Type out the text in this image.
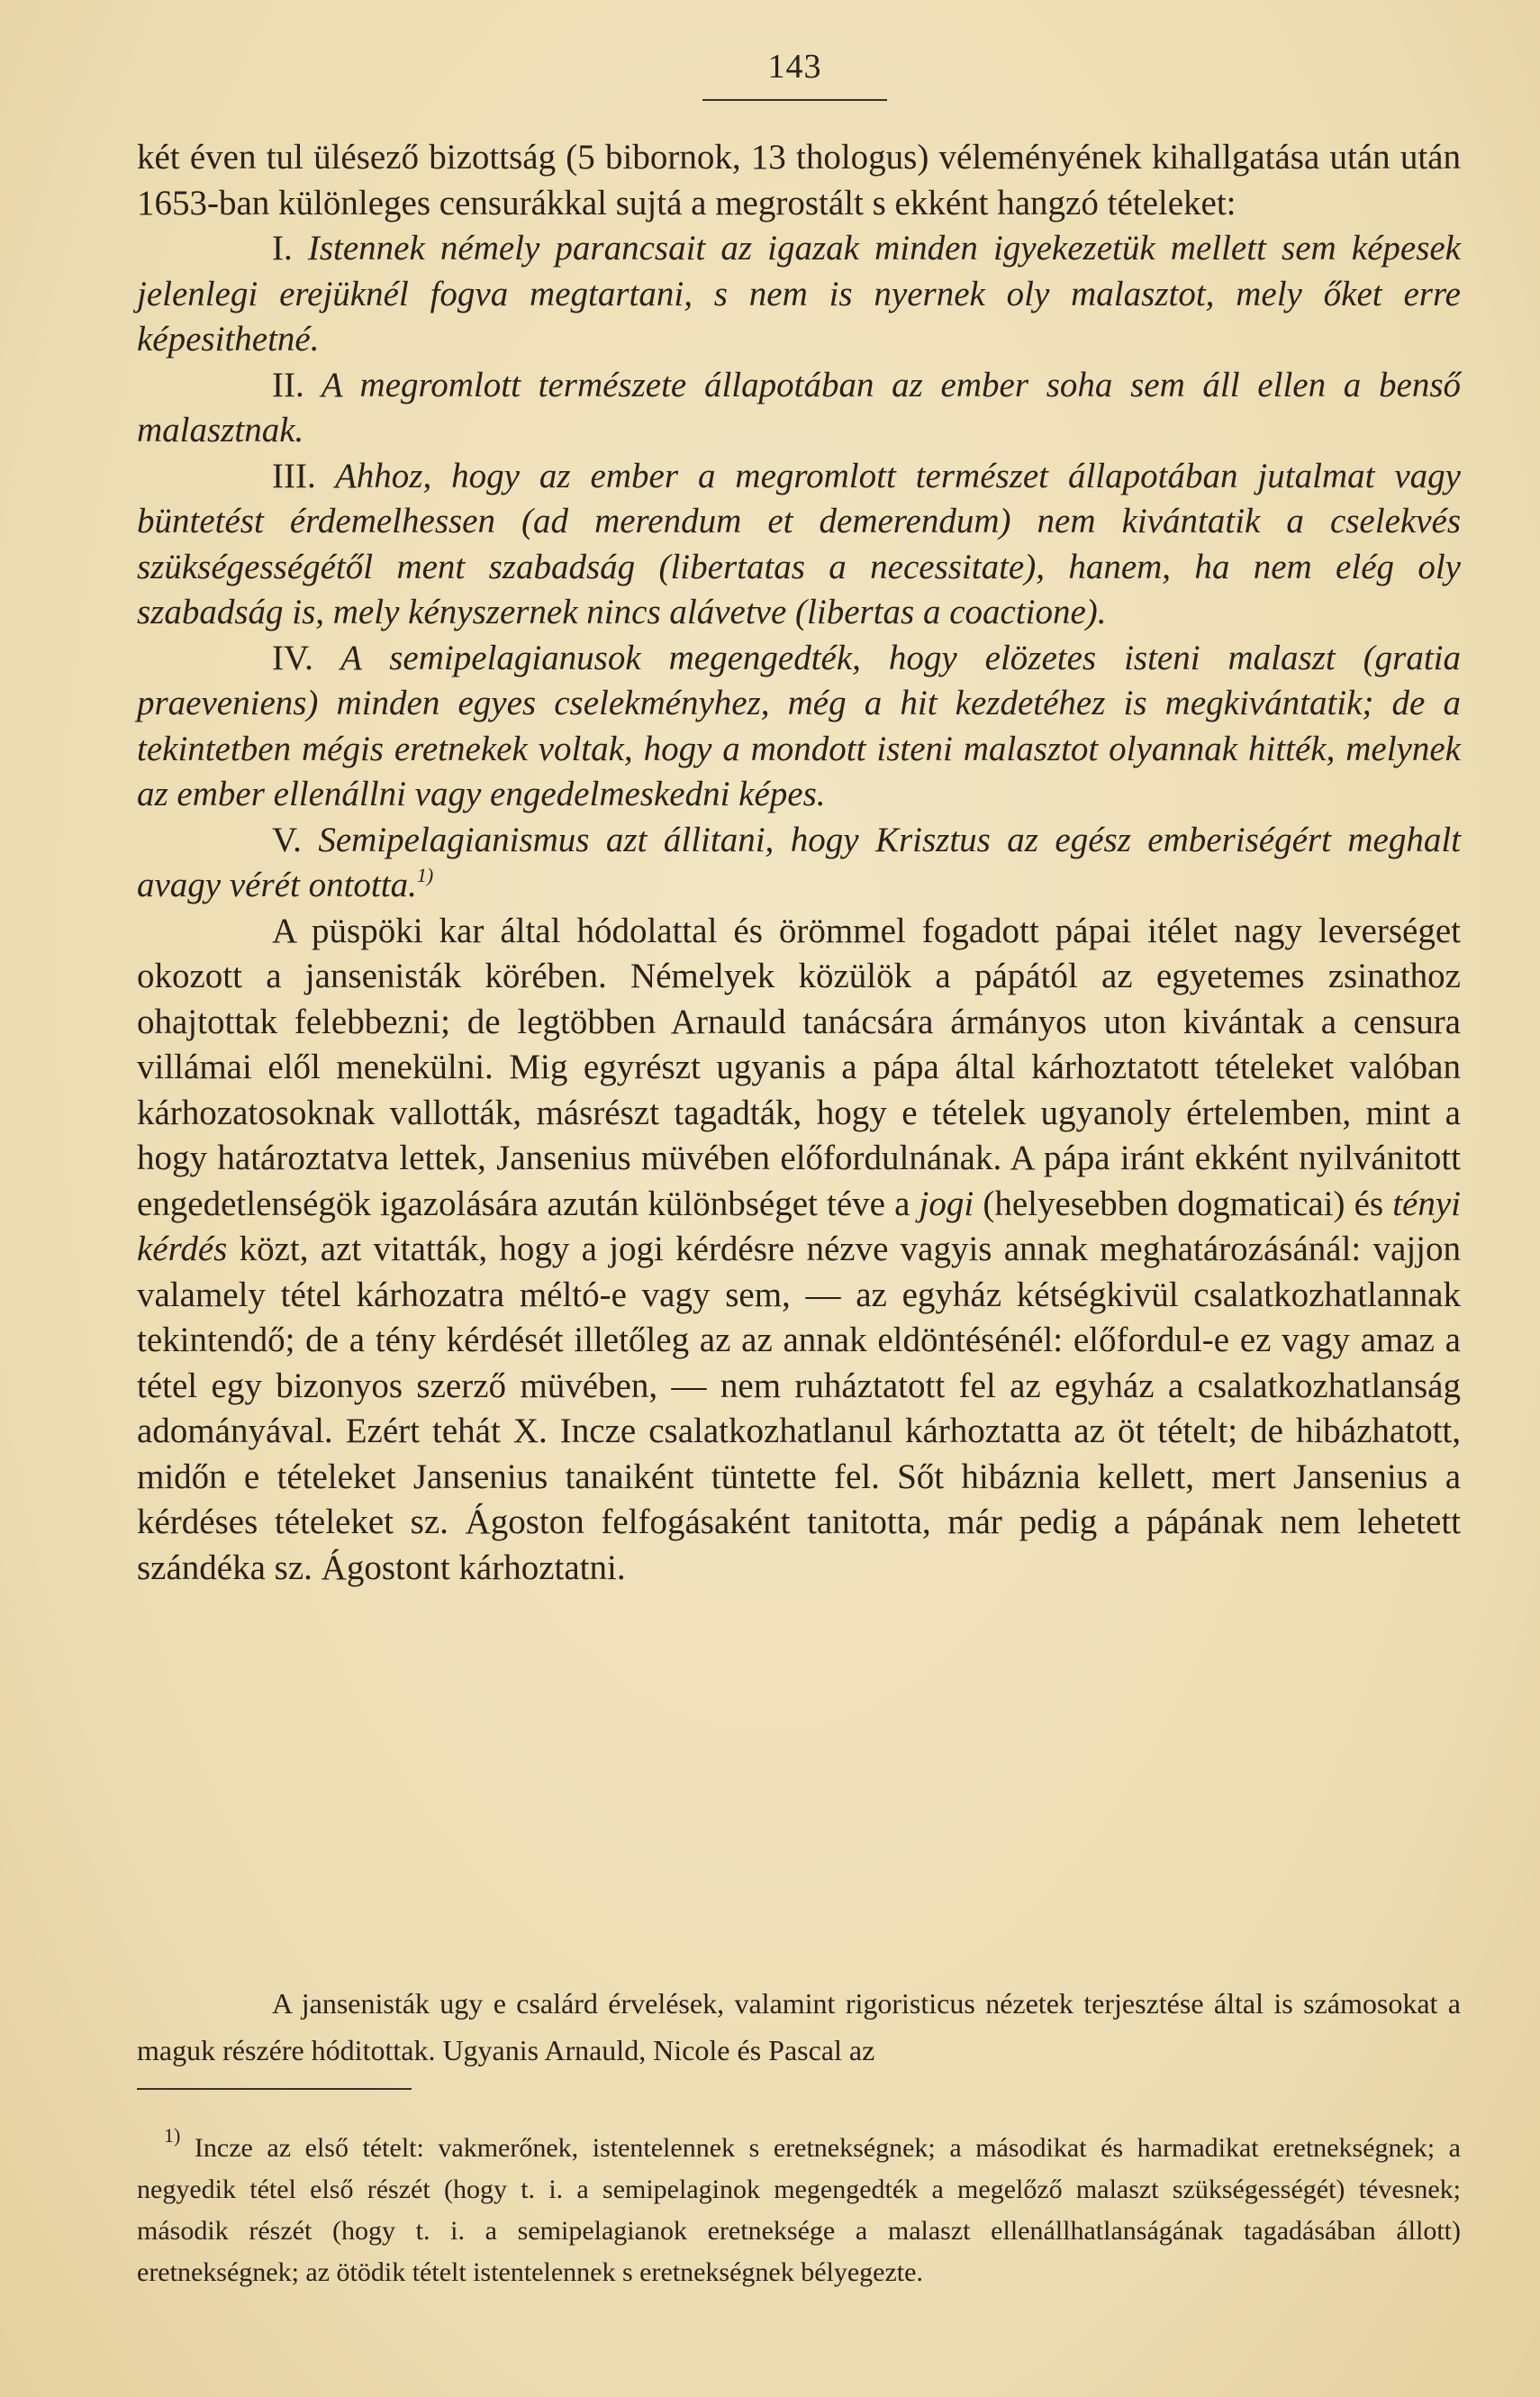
143

két éven tul ülésező bizottság (5 bibornok, 13 thologus) véleményének kihallgatása után után 1653-ban különleges censurákkal sujtá a megrostált s ekként hangzó tételeket:

I. Istennek némely parancsait az igazak minden igyekezetük mellett sem képesek jelenlegi erejüknél fogva megtartani, s nem is nyernek oly malasztot, mely őket erre képesithetné.

II. A megromlott természete állapotában az ember soha sem áll ellen a benső malasztnak.

III. Ahhoz, hogy az ember a megromlott természet állapotában jutalmat vagy büntetést érdemelhessen (ad merendum et demerendum) nem kivántatik a cselekvés szükségességétől ment szabadság (libertatas a necessitate), hanem, ha nem elég oly szabadság is, mely kényszernek nincs alávetve (libertas a coactione).

IV. A semipelagianusok megengedték, hogy elözetes isteni malaszt (gratia praeveniens) minden egyes cselekményhez, még a hit kezdetéhez is megkivántatik; de a tekintetben mégis eretnekek voltak, hogy a mondott isteni malasztot olyannak hitték, melynek az ember ellenállni vagy engedelmeskedni képes.

V. Semipelagianismus azt állitani, hogy Krisztus az egész emberiségért meghalt avagy vérét ontotta.$^{1)}$

A püspöki kar által hódolattal és örömmel fogadott pápai itélet nagy leverséget okozott a jansenisták körében. Némelyek közülök a pápától az egyetemes zsinathoz ohajtottak felebbezni; de legtöbben Arnauld tanácsára ármányos uton kivántak a censura villámai elől menekülni. Mig egyrészt ugyanis a pápa által kárhoztatott tételeket valóban kárhozatosoknak vallották, másrészt tagadták, hogy e tételek ugyanoly értelemben, mint a hogy határoztatva lettek, Jansenius müvében előfordulnának. A pápa iránt ekként nyilvánitott engedetlenségök igazolására azután különbséget téve a jogi (helyesebben dogmaticai) és tényi kérdés közt, azt vitatták, hogy a jogi kérdésre nézve vagyis annak meghatározásánál: vajjon valamely tétel kárhozatra méltó-e vagy sem, — az egyház kétségkivül csalatkozhatlannak tekintendő; de a tény kérdését illetőleg az az annak eldöntésénél: előfordul-e ez vagy amaz a tétel egy bizonyos szerző müvében, — nem ruháztatott fel az egyház a csalatkozhatlanság adományával. Ezért tehát X. Incze csalatkozhatlanul kárhoztatta az öt tételt; de hibázhatott, midőn e tételeket Jansenius tanaiként tüntette fel. Sőt hibáznia kellett, mert Jansenius a kérdéses tételeket sz. Ágoston felfogásaként tanitotta, már pedig a pápának nem lehetett szándéka sz. Ágostont kárhoztatni.

A jansenisták ugy e csalárd érvelések, valamint rigoristicus nézetek terjesztése által is számosokat a maguk részére hóditottak. Ugyanis Arnauld, Nicole és Pascal az

$^{1)}$ Incze az első tételt: vakmerőnek, istentelennek s eretnekségnek; a másodikat és harmadikat eretnekségnek; a negyedik tétel első részét (hogy t. i. a semipelaginok megengedték a megelőző malaszt szükségességét) tévesnek; második részét (hogy t. i. a semipelagianok eretneksége a malaszt ellenállhatlanságának tagadásában állott) eretnekségnek; az ötödik tételt istentelennek s eretnekségnek bélyegezte.
